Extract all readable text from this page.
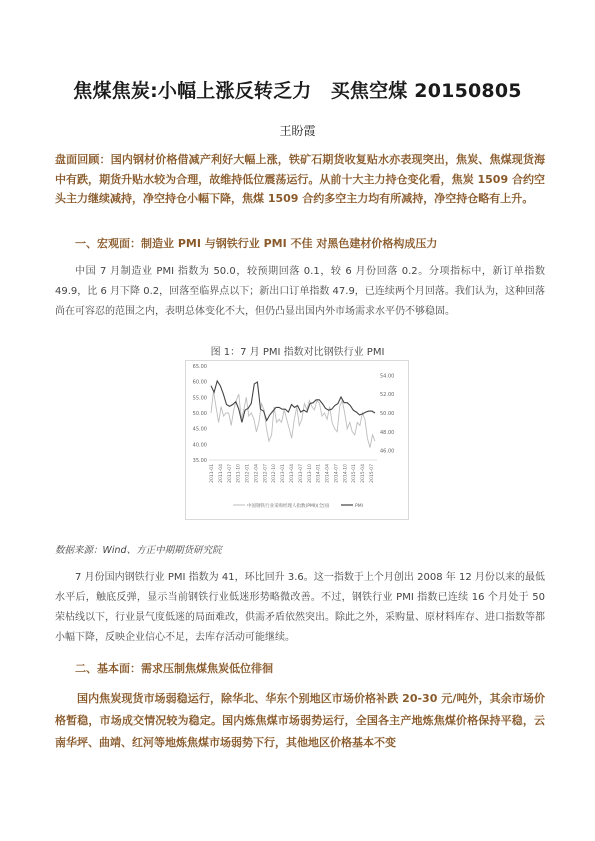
焦煤焦炭:小幅上涨反转乏力　买焦空煤 20150805
王盼霞
盘面回顾：国内钢材价格借减产利好大幅上涨，铁矿石期货收复贴水亦表现突出，焦炭、焦煤现货海中有跌，期货升贴水较为合理，故维持低位震荡运行。从前十大主力持仓变化看，焦炭 1509 合约空头主力继续减持，净空持仓小幅下降，焦煤 1509 合约多空主力均有所减持，净空持仓略有上升。
一、宏观面：制造业 PMI 与钢铁行业 PMI 不佳 对黑色建材价格构成压力
中国 7 月制造业 PMI 指数为 50.0，较预期回落 0.1，较 6 月份回落 0.2。分项指标中，新订单指数 49.9，比 6 月下降 0.2，回落至临界点以下；新出口订单指数 47.9，已连续两个月回落。我们认为，这种回落尚在可容忍的范围之内，表明总体变化不大，但仍凸显出国内外市场需求水平仍不够稳固。
图 1：7 月 PMI 指数对比钢铁行业 PMI
35.00
40.00
45.00
50.00
55.00
60.00
65.00
46.00
48.00
50.00
52.00
54.00
2011-01 2011-04 2011-07 2011-10 2012-01 2012-04 2012-07 2012-10 2013-01 2013-04 2013-07 2013-10 2014-01 2014-04 2014-07 2014-10 2015-01 2015-04 2015-07
中国钢铁行业采购经理人指数(PMI)(全国)	PMI
数据来源：Wind、方正中期期货研究院
7 月份国内钢铁行业 PMI 指数为 41，环比回升 3.6。这一指数于上个月创出 2008 年 12 月份以来的最低水平后，触底反弹，显示当前钢铁行业低迷形势略微改善。不过，钢铁行业 PMI 指数已连续 16 个月处于 50 荣枯线以下，行业景气度低迷的局面难改，供需矛盾依然突出。除此之外，采购量、原材料库存、进口指数等都小幅下降，反映企业信心不足，去库存活动可能继续。
二、基本面：需求压制焦煤焦炭低位徘徊
国内焦炭现货市场弱稳运行，除华北、华东个别地区市场价格补跌 20-30 元/吨外，其余市场价格暂稳，市场成交情况较为稳定。国内炼焦煤市场弱势运行，全国各主产地炼焦煤价格保持平稳，云南华坪、曲靖、红河等地炼焦煤市场弱势下行，其他地区价格基本不变
